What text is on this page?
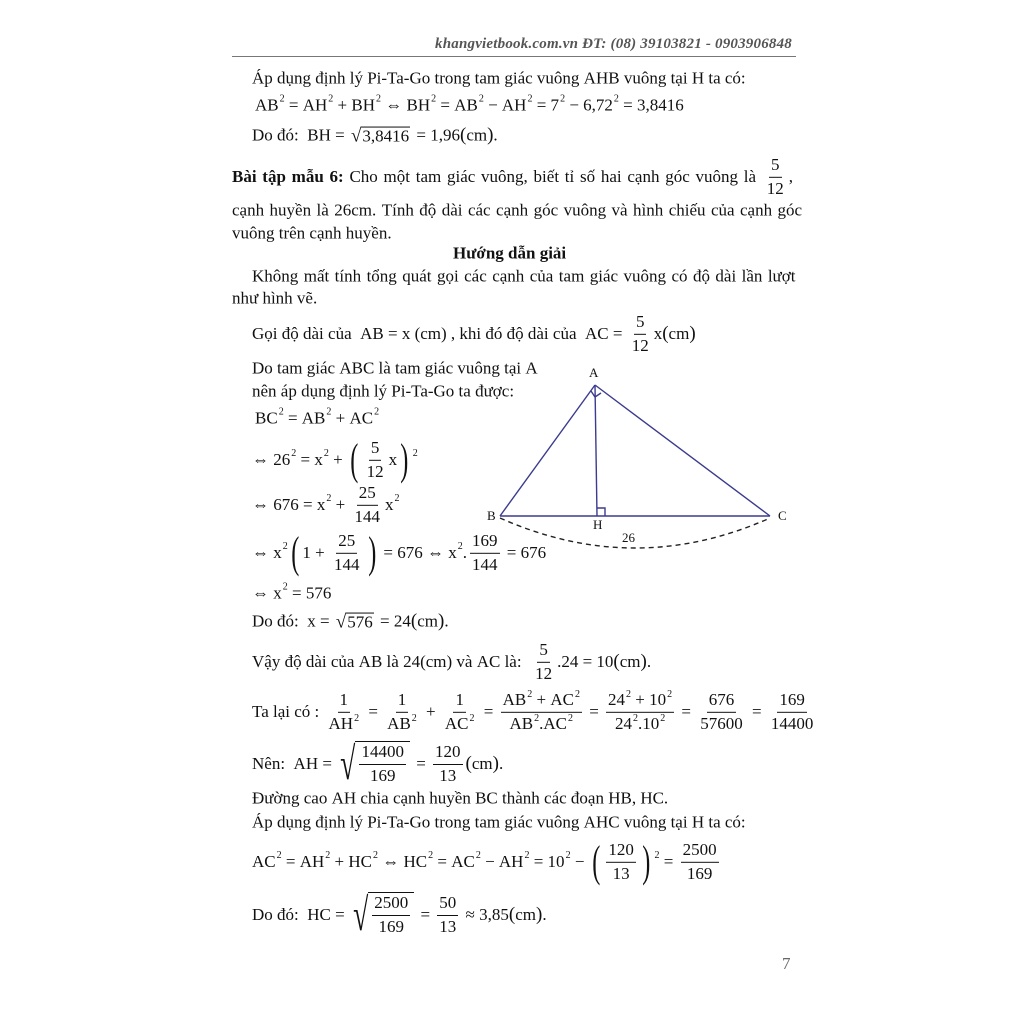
khangvietbook.com.vn ĐT: (08) 39103821 - 0903906848
Áp dụng định lý Pi-Ta-Go trong tam giác vuông AHB vuông tại H ta có:
AB 2 = AH 2 + BH 2 ⇔ BH 2 = AB 2 − AH 2 = 7 2 − 6,72 2 = 3,8416
Do đó:  BH = √ 3,8416 = 1,96 ( cm ) .
Bài tập mẫu 6: Cho một tam giác vuông, biết tỉ số hai cạnh góc vuông là $\frac{5}{12}$ ,
cạnh huyền là 26cm. Tính độ dài các cạnh góc vuông và hình chiếu của cạnh góc
vuông trên cạnh huyền.
Hướng dẫn giải
Không mất tính tổng quát gọi các cạnh của tam giác vuông có độ dài lần lượt
như hình vẽ.
Gọi độ dài của  AB = x (cm) , khi đó độ dài của  AC = $\frac{5}{12}$ x ( cm )
Do tam giác ABC là tam giác vuông tại A
nên áp dụng định lý Pi-Ta-Go ta được:
BC 2 = AB 2 + AC 2
⇔ 26 2 = x 2 + ( $\frac{5}{12}$ x ) 2
⇔ 676 = x $2 + \frac{25}{144}$ x 2
⇔ x 2 ( $1 + \frac{25}{144}$ ) = 676 ⇔ x 2 . $\frac{169}{144} = 676$
⇔ x 2 = 576
Do đó:  x = √ 576 = 24 ( cm ) .
Vậy độ dài của AB là 24(cm) và AC là: $\frac{5}{12} .24 = 10$ ( cm ) .
Ta lại có : $\frac{1}{AH 2} = \frac{1}{AB 2} + \frac{1}{AC 2} = \frac{AB 2 + AC 2}{AB 2 .AC 2} = \frac{24 2 + 10 2}{24 2 .10 2} = \frac{676}{57600} = \frac{169}{14400}$
Nên:  AH = √ $\frac{14400}{169} = \frac{120}{13}$ ( cm ) .
Đường cao AH chia cạnh huyền BC thành các đoạn HB, HC.
Áp dụng định lý Pi-Ta-Go trong tam giác vuông AHC vuông tại H ta có:
AC 2 = AH 2 + HC 2 ⇔ HC 2 = AC 2 − AH 2 = 10 2 − ( $\frac{120}{13}$ ) $2 = \frac{2500}{169}$
Do đó:  HC = √ $\frac{2500}{169} = \frac{50}{13} \approx 3,85$ ( cm ) .
A
B	C
H
26
7
